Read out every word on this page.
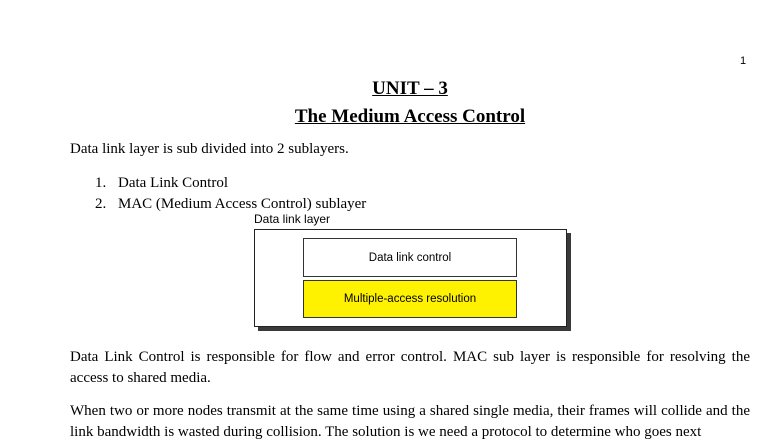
1
UNIT – 3
The Medium Access Control
Data link layer is sub divided into 2 sublayers.
1. Data Link Control
2. MAC (Medium Access Control) sublayer
Data link layer
Data link control
Multiple-access resolution
Data Link Control is responsible for flow and error control. MAC sub layer is responsible for resolving the access to shared media.
When two or more nodes transmit at the same time using a shared single media, their frames will collide and the link bandwidth is wasted during collision. The solution is we need a protocol to determine who goes next
